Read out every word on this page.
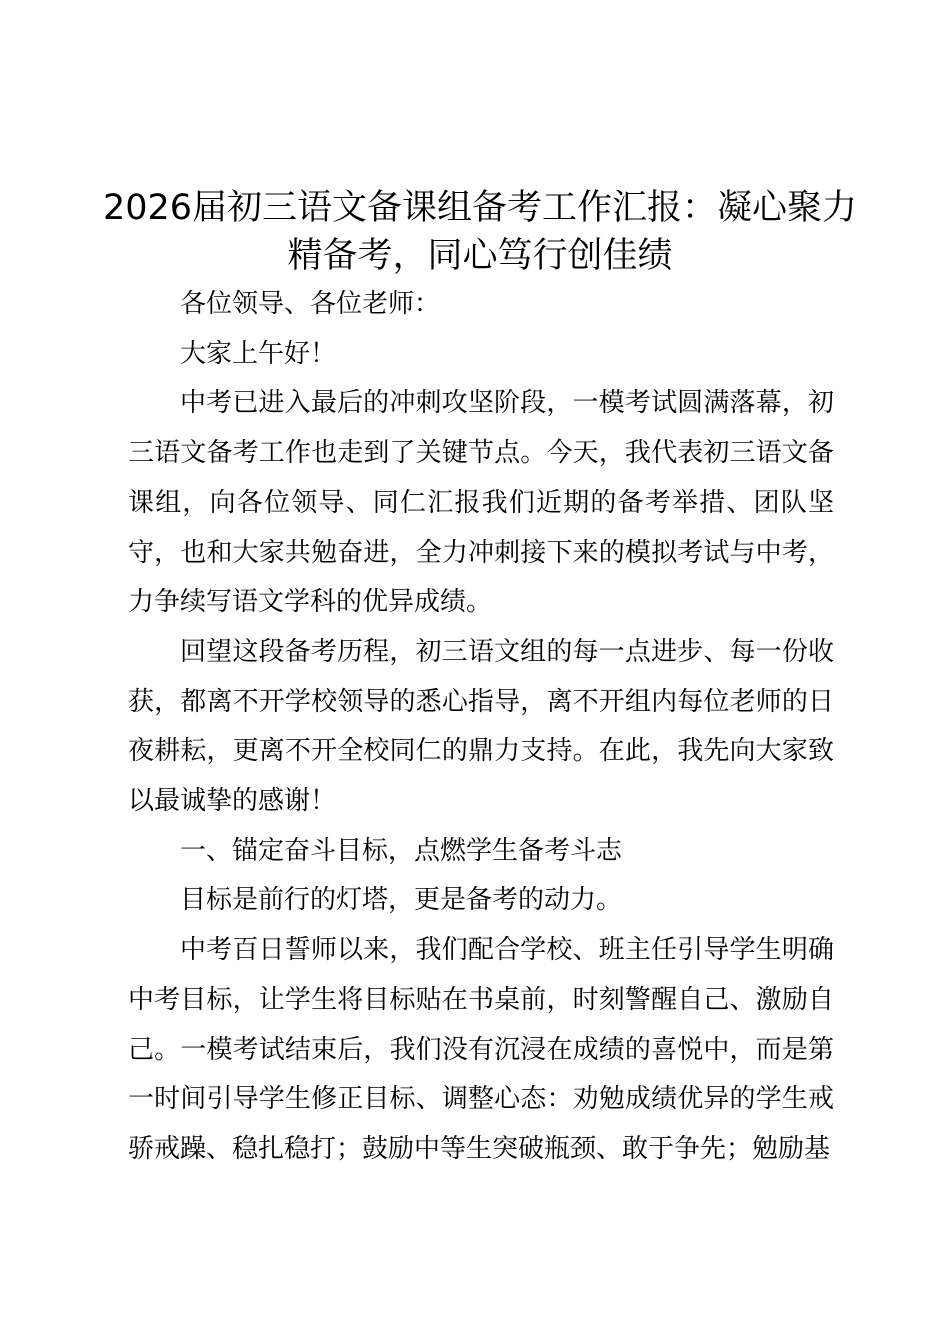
2026届初三语文备课组备考工作汇报：凝心聚力精备考，同心笃行创佳绩

各位领导、各位老师：

大家上午好！

中考已进入最后的冲刺攻坚阶段，一模考试圆满落幕，初三语文备考工作也走到了关键节点。今天，我代表初三语文备课组，向各位领导、同仁汇报我们近期的备考举措、团队坚守，也和大家共勉奋进，全力冲刺接下来的模拟考试与中考，力争续写语文学科的优异成绩。

回望这段备考历程，初三语文组的每一点进步、每一份收获，都离不开学校领导的悉心指导，离不开组内每位老师的日夜耕耘，更离不开全校同仁的鼎力支持。在此，我先向大家致以最诚挚的感谢！

一、锚定奋斗目标，点燃学生备考斗志

目标是前行的灯塔，更是备考的动力。

中考百日誓师以来，我们配合学校、班主任引导学生明确中考目标，让学生将目标贴在书桌前，时刻警醒自己、激励自己。一模考试结束后，我们没有沉浸在成绩的喜悦中，而是第一时间引导学生修正目标、调整心态：劝勉成绩优异的学生戒骄戒躁、稳扎稳打；鼓励中等生突破瓶颈、敢于争先；勉励基
